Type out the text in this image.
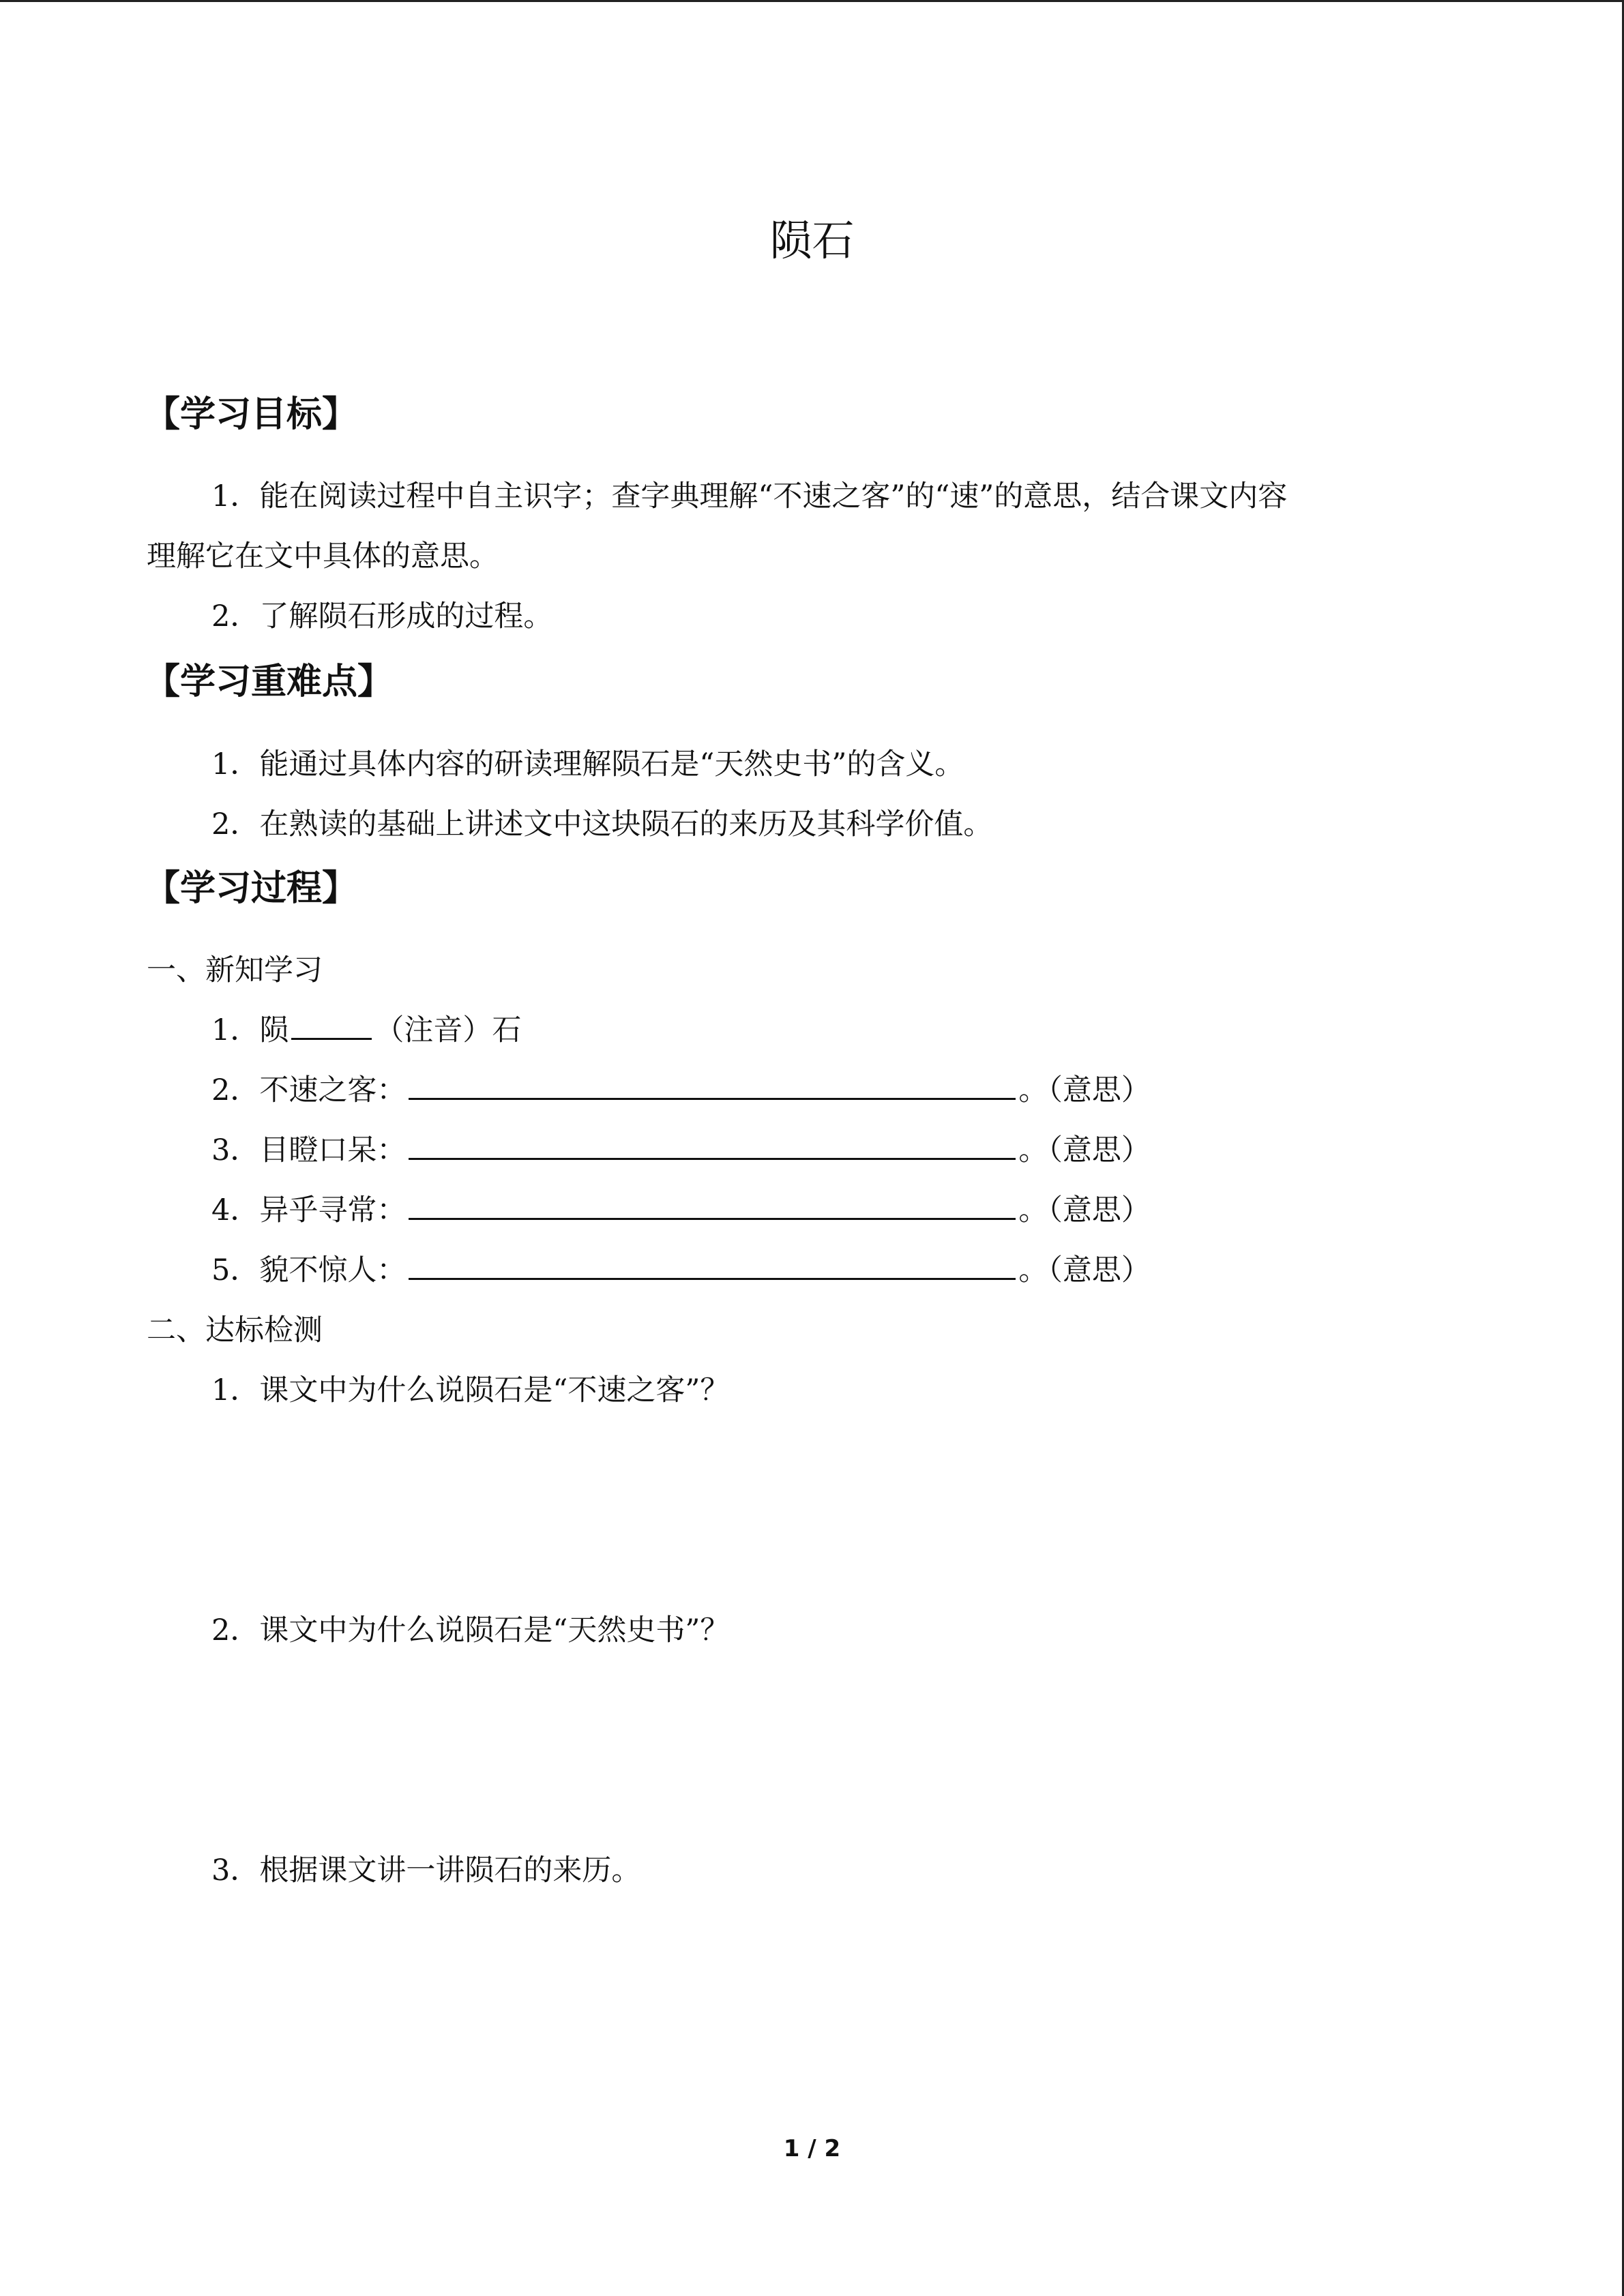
陨石
【学习目标】
1．能在阅读过程中自主识字；查字典理解“不速之客”的“速”的意思，结合课文内容
理解它在文中具体的意思。
2．了解陨石形成的过程。
【学习重难点】
1．能通过具体内容的研读理解陨石是“天然史书”的含义。
2．在熟读的基础上讲述文中这块陨石的来历及其科学价值。
【学习过程】
一、新知学习
1．陨	（注音）石
2．不速之客：	。（意思）
3．目瞪口呆：	。（意思）
4．异乎寻常：	。（意思）
5．貌不惊人：	。（意思）
二、达标检测
1．课文中为什么说陨石是“不速之客”？
2．课文中为什么说陨石是“天然史书”？
3．根据课文讲一讲陨石的来历。
1 / 2
